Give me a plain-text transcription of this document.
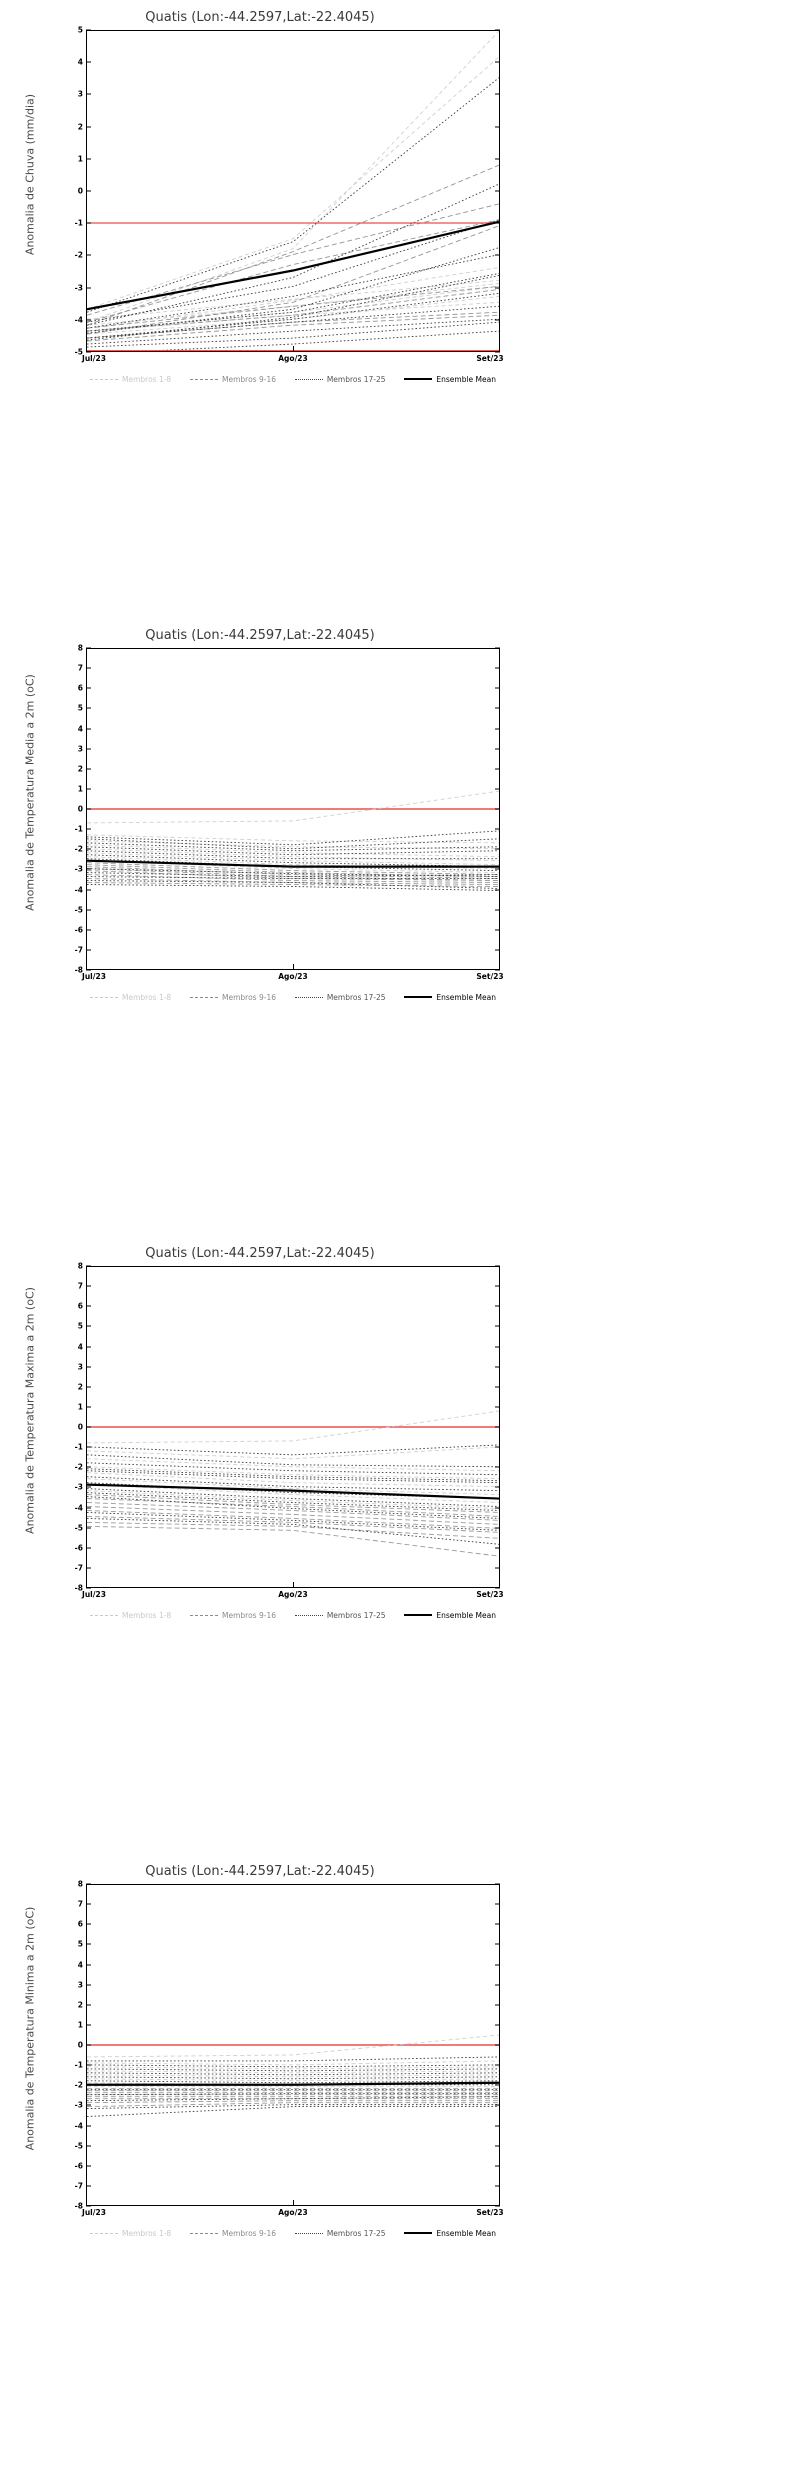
Quatis (Lon:-44.2597,Lat:-22.4045)
Anomalia de Chuva (mm/dia)
5
4
3
2
1
0
-1
-2
-3
-4
-5
Jul/23	Ago/23	Set/23
Membros 1-8	Membros 9-16	Membros 17-25	Ensemble Mean
Quatis (Lon:-44.2597,Lat:-22.4045)
Anomalia de Temperatura Media a 2m (oC)
8
7
6
5
4
3
2
1
0
-1
-2
-3
-4
-5
-6
-7
-8
Jul/23	Ago/23	Set/23
Membros 1-8	Membros 9-16	Membros 17-25	Ensemble Mean
Quatis (Lon:-44.2597,Lat:-22.4045)
Anomalia de Temperatura Maxima a 2m (oC)
8
7
6
5
4
3
2
1
0
-1
-2
-3
-4
-5
-6
-7
-8
Jul/23	Ago/23	Set/23
Membros 1-8	Membros 9-16	Membros 17-25	Ensemble Mean
Quatis (Lon:-44.2597,Lat:-22.4045)
Anomalia de Temperatura Minima a 2m (oC)
8
7
6
5
4
3
2
1
0
-1
-2
-3
-4
-5
-6
-7
-8
Jul/23	Ago/23	Set/23
Membros 1-8	Membros 9-16	Membros 17-25	Ensemble Mean
